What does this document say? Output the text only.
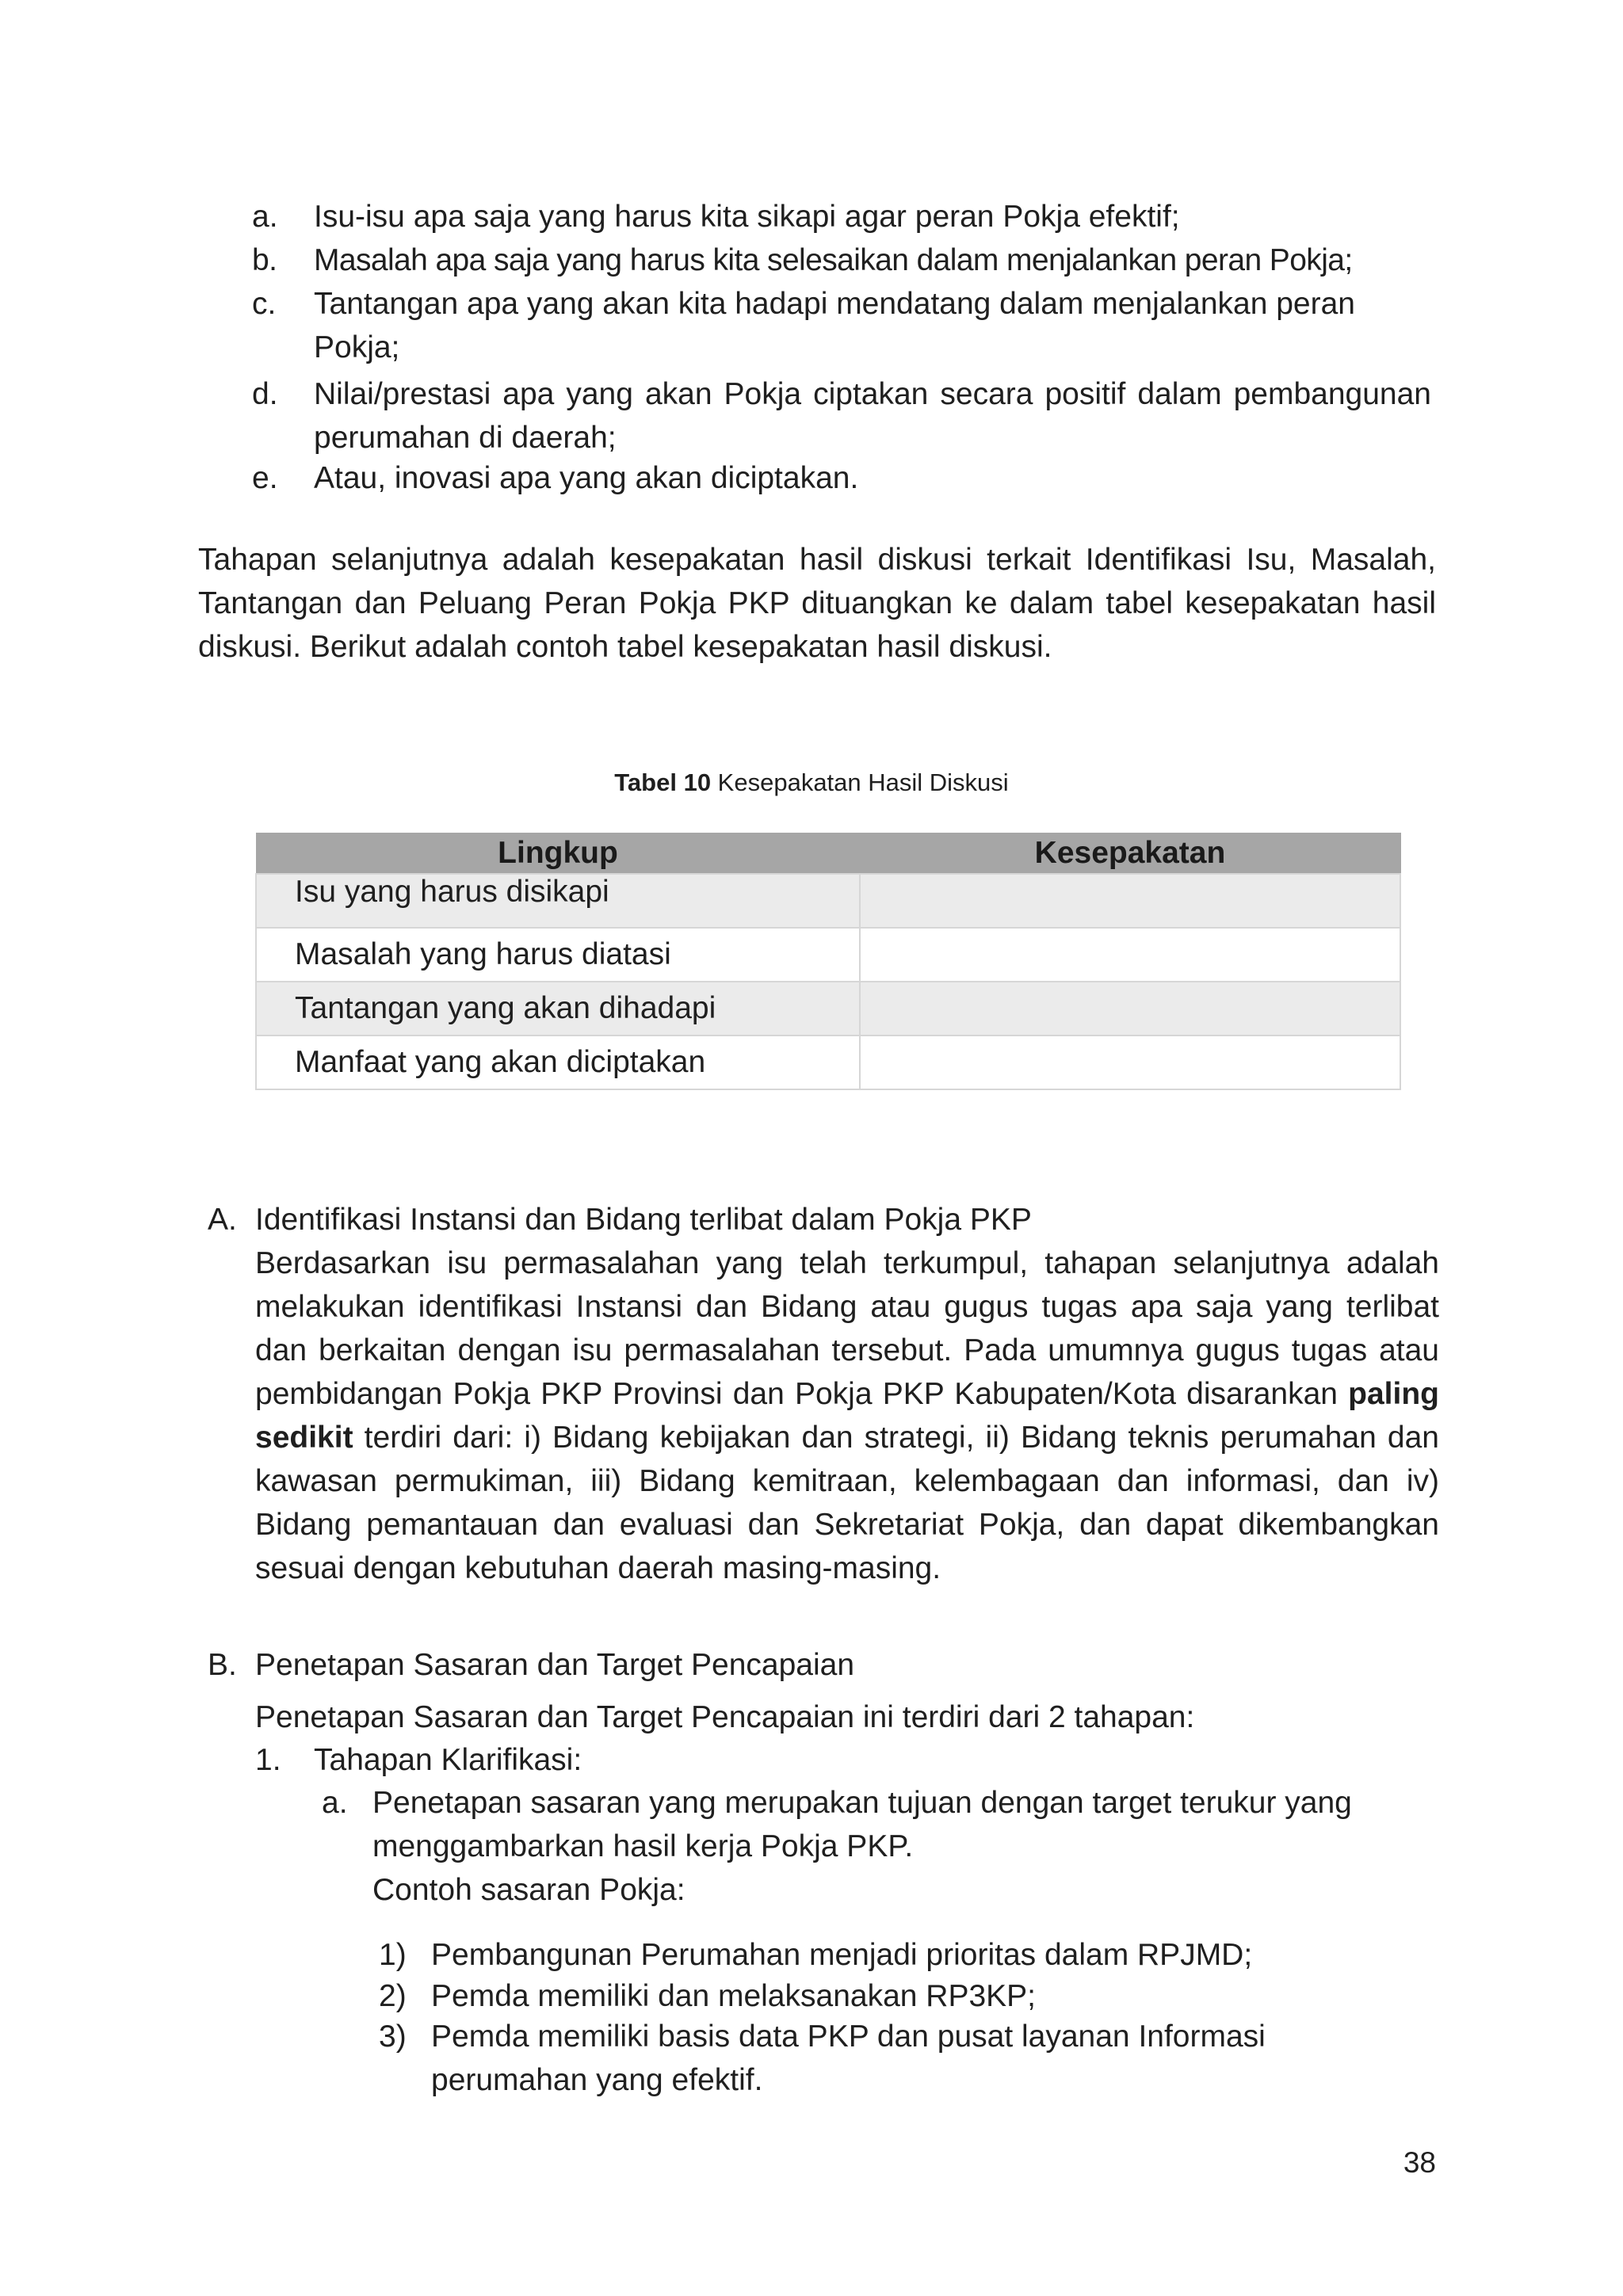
a.	Isu-isu apa saja yang harus kita sikapi agar peran Pokja efektif;
b.	Masalah apa saja yang harus kita selesaikan dalam menjalankan peran Pokja;
c.	Tantangan apa yang akan kita hadapi mendatang dalam menjalankan peran Pokja;
d.	Nilai/prestasi apa yang akan Pokja ciptakan secara positif dalam pembangunan perumahan di daerah;
e.	Atau, inovasi apa yang akan diciptakan.

Tahapan selanjutnya adalah kesepakatan hasil diskusi terkait Identifikasi Isu, Masalah, Tantangan dan Peluang Peran Pokja PKP dituangkan ke dalam tabel kesepakatan hasil diskusi. Berikut adalah contoh tabel kesepakatan hasil diskusi.

Tabel 10 Kesepakatan Hasil Diskusi
Lingkup	Kesepakatan
Isu yang harus disikapi	
Masalah yang harus diatasi	
Tantangan yang akan dihadapi	
Manfaat yang akan diciptakan	
A. Identifikasi Instansi dan Bidang terlibat dalam Pokja PKP

Berdasarkan isu permasalahan yang telah terkumpul, tahapan selanjutnya adalah melakukan identifikasi Instansi dan Bidang atau gugus tugas apa saja yang terlibat dan berkaitan dengan isu permasalahan tersebut. Pada umumnya gugus tugas atau pembidangan Pokja PKP Provinsi dan Pokja PKP Kabupaten/Kota disarankan paling sedikit terdiri dari: i) Bidang kebijakan dan strategi, ii) Bidang teknis perumahan dan kawasan permukiman, iii) Bidang kemitraan, kelembagaan dan informasi, dan iv) Bidang pemantauan dan evaluasi dan Sekretariat Pokja, dan dapat dikembangkan sesuai dengan kebutuhan daerah masing-masing.

B. Penetapan Sasaran dan Target Pencapaian

Penetapan Sasaran dan Target Pencapaian ini terdiri dari 2 tahapan:

1. Tahapan Klarifikasi:
a. Penetapan sasaran yang merupakan tujuan dengan target terukur yang menggambarkan hasil kerja Pokja PKP.
Contoh sasaran Pokja:
1) Pembangunan Perumahan menjadi prioritas dalam RPJMD;
2) Pemda memiliki dan melaksanakan RP3KP;
3) Pemda memiliki basis data PKP dan pusat layanan Informasi perumahan yang efektif.
38
